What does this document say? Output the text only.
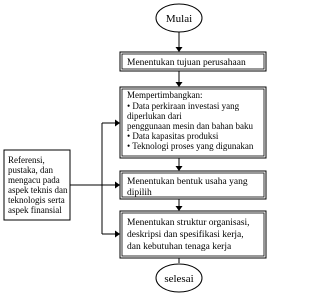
Mulai
Menentukan tujuan perusahaan
Mempertimbangkan:
• Data perkiraan investasi yang
diperlukan dari
penggunaan mesin dan bahan baku
• Data kapasitas produksi
• Teknologi proses yang digunakan
Menentukan bentuk usaha yang
dipilih
Menentukan struktur organisasi,
deskripsi dan spesifikasi kerja,
dan kebutuhan tenaga kerja
selesai
Referensi,
pustaka, dan
mengacu pada
aspek teknis dan
teknologis serta
aspek finansial
